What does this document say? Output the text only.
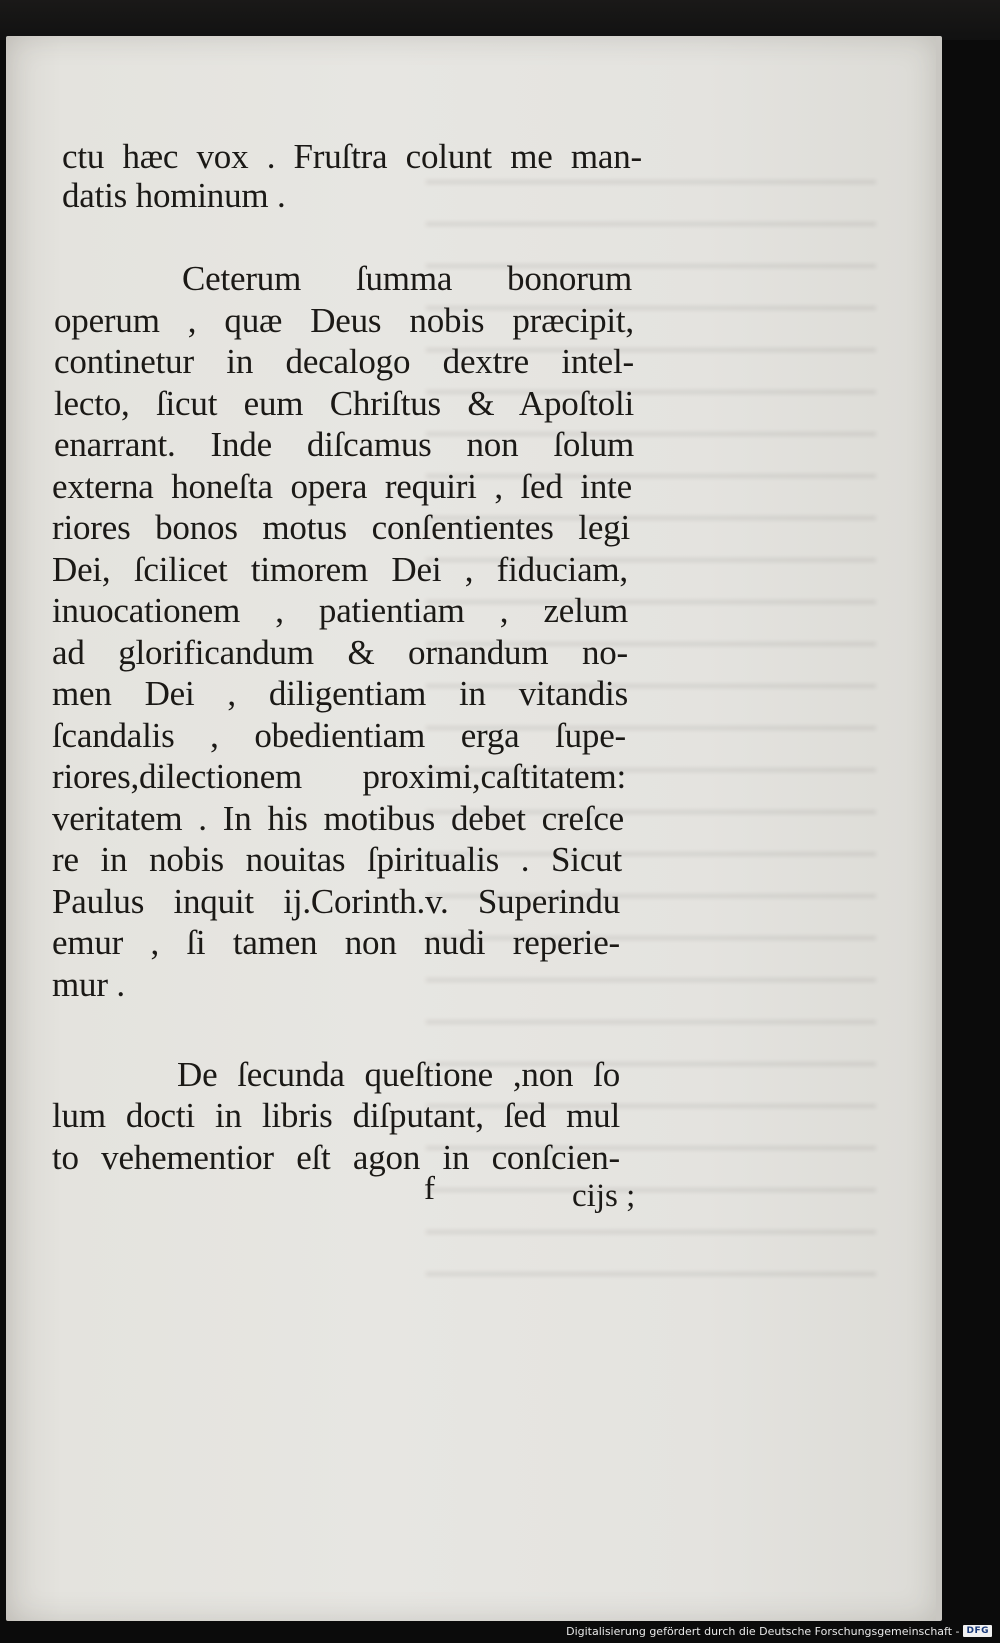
ctu hæc vox . Fruſtra colunt me man-
datis hominum .
Ceterum ſumma bonorum
operum , quæ Deus nobis præcipit,
continetur in decalogo dextre intel-
lecto, ſicut eum Chriſtus & Apoſtoli
enarrant. Inde diſcamus non ſolum
externa honeſta opera requiri , ſed inte
riores bonos motus conſentientes legi
Dei, ſcilicet timorem Dei , fiduciam,
inuocationem , patientiam , zelum
ad glorificandum & ornandum no-
men Dei , diligentiam in vitandis
ſcandalis , obedientiam erga ſupe-
riores,dilectionem proximi,caſtitatem:
veritatem . In his motibus debet creſce
re in nobis nouitas ſpiritualis . Sicut
Paulus inquit ij.Corinth.v. Superindu
emur , ſi tamen non nudi reperie-
mur .
De ſecunda queſtione ,non ſo
lum docti in libris diſputant, ſed mul
to vehementior eſt agon in conſcien-
f	cijs ;
Digitalisierung gefördert durch die Deutsche Forschungsgemeinschaft - DFG
